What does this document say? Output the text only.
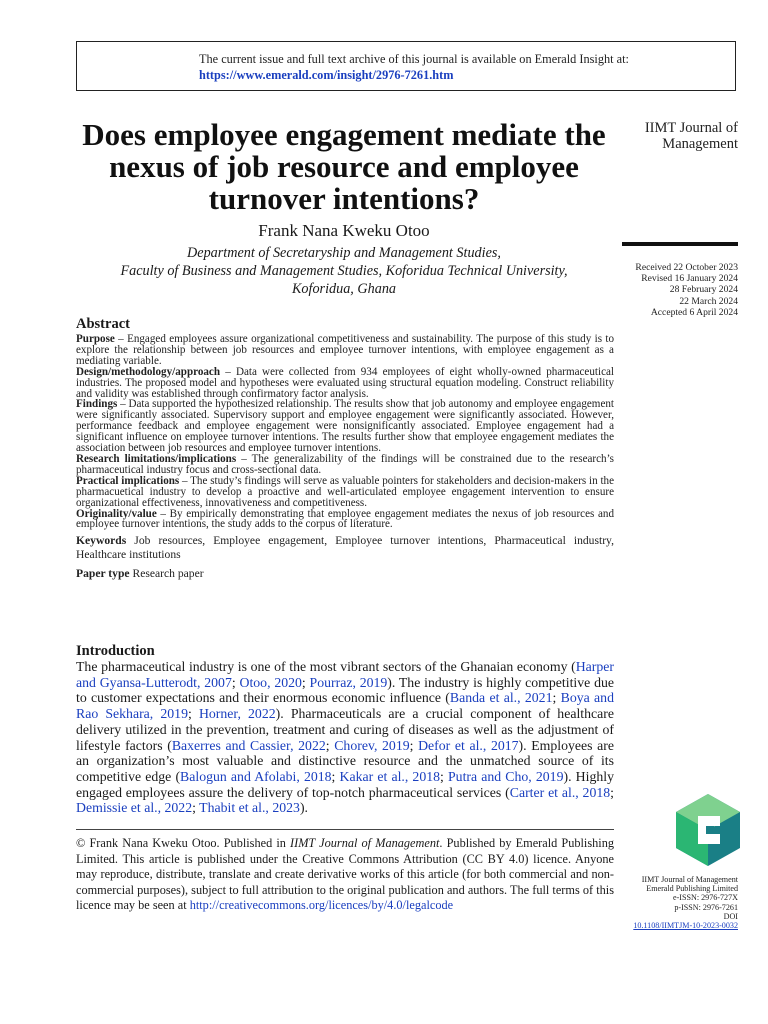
The current issue and full text archive of this journal is available on Emerald Insight at:
https://www.emerald.com/insight/2976-7261.htm
IIMT Journal of
Management
Does employee engagement mediate the nexus of job resource and employee turnover intentions?

Frank Nana Kweku Otoo

Department of Secretaryship and Management Studies,
Faculty of Business and Management Studies, Koforidua Technical University,
Koforidua, Ghana
Received 22 October 2023
Revised 16 January 2024
28 February 2024
22 March 2024
Accepted 6 April 2024
Abstract

Purpose – Engaged employees assure organizational competitiveness and sustainability. The purpose of this study is to explore the relationship between job resources and employee turnover intentions, with employee engagement as a mediating variable.

Design/methodology/approach – Data were collected from 934 employees of eight wholly-owned pharmaceutical industries. The proposed model and hypotheses were evaluated using structural equation modeling. Construct reliability and validity was established through confirmatory factor analysis.

Findings – Data supported the hypothesized relationship. The results show that job autonomy and employee engagement were significantly associated. Supervisory support and employee engagement were significantly associated. However, performance feedback and employee engagement were nonsignificantly associated. Employee engagement had a significant influence on employee turnover intentions. The results further show that employee engagement mediates the association between job resources and employee turnover intentions.

Research limitations/implications – The generalizability of the findings will be constrained due to the research’s pharmaceutical industry focus and cross-sectional data.

Practical implications – The study’s findings will serve as valuable pointers for stakeholders and decision-makers in the pharmacuetical industry to develop a proactive and well-articulated employee engagement intervention to ensure organizational effectiveness, innovativeness and competitiveness.

Originality/value – By empirically demonstrating that employee engagement mediates the nexus of job resources and employee turnover intentions, the study adds to the corpus of literature.

Keywords Job resources, Employee engagement, Employee turnover intentions, Pharmaceutical industry, Healthcare institutions

Paper type Research paper

Introduction

The pharmaceutical industry is one of the most vibrant sectors of the Ghanaian economy (Harper and Gyansa-Lutterodt, 2007; Otoo, 2020; Pourraz, 2019). The industry is highly competitive due to customer expectations and their enormous economic influence (Banda et al., 2021; Boya and Rao Sekhara, 2019; Horner, 2022). Pharmaceuticals are a crucial component of healthcare delivery utilized in the prevention, treatment and curing of diseases as well as the adjustment of lifestyle factors (Baxerres and Cassier, 2022; Chorev, 2019; Defor et al., 2017). Employees are an organization’s most valuable and distinctive resource and the unmatched source of its competitive edge (Balogun and Afolabi, 2018; Kakar et al., 2018; Putra and Cho, 2019). Highly engaged employees assure the delivery of top-notch pharmaceutical services (Carter et al., 2018; Demissie et al., 2022; Thabit et al., 2023).

© Frank Nana Kweku Otoo. Published in IIMT Journal of Management. Published by Emerald Publishing Limited. This article is published under the Creative Commons Attribution (CC BY 4.0) licence. Anyone may reproduce, distribute, translate and create derivative works of this article (for both commercial and non-commercial purposes), subject to full attribution to the original publication and authors. The full terms of this licence may be seen at http://creativecommons.org/licences/by/4.0/legalcode

IIMT Journal of Management
Emerald Publishing Limited
e-ISSN: 2976-727X
p-ISSN: 2976-7261
DOI
10.1108/IIMTJM-10-2023-0032
